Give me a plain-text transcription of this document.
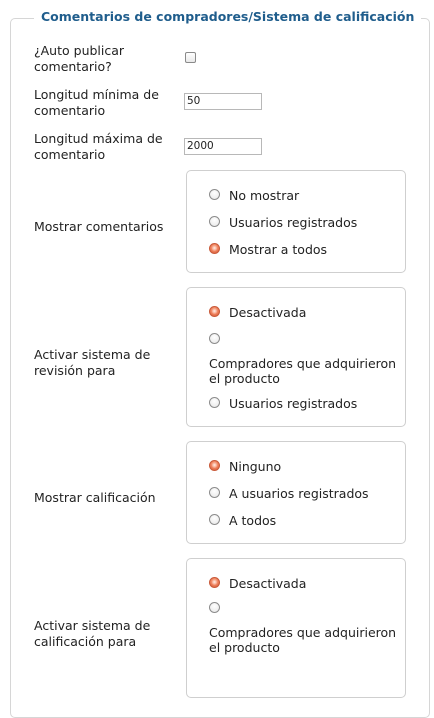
Comentarios de compradores/Sistema de calificación
¿Auto publicar comentario?
Longitud mínima de comentario
50
Longitud máxima de comentario
2000
Mostrar comentarios
No mostrar
Usuarios registrados
Mostrar a todos
Activar sistema de revisión para
Desactivada
Compradores que adquirieron el producto
Usuarios registrados
Mostrar calificación
Ninguno
A usuarios registrados
A todos
Activar sistema de calificación para
Desactivada
Compradores que adquirieron el producto
